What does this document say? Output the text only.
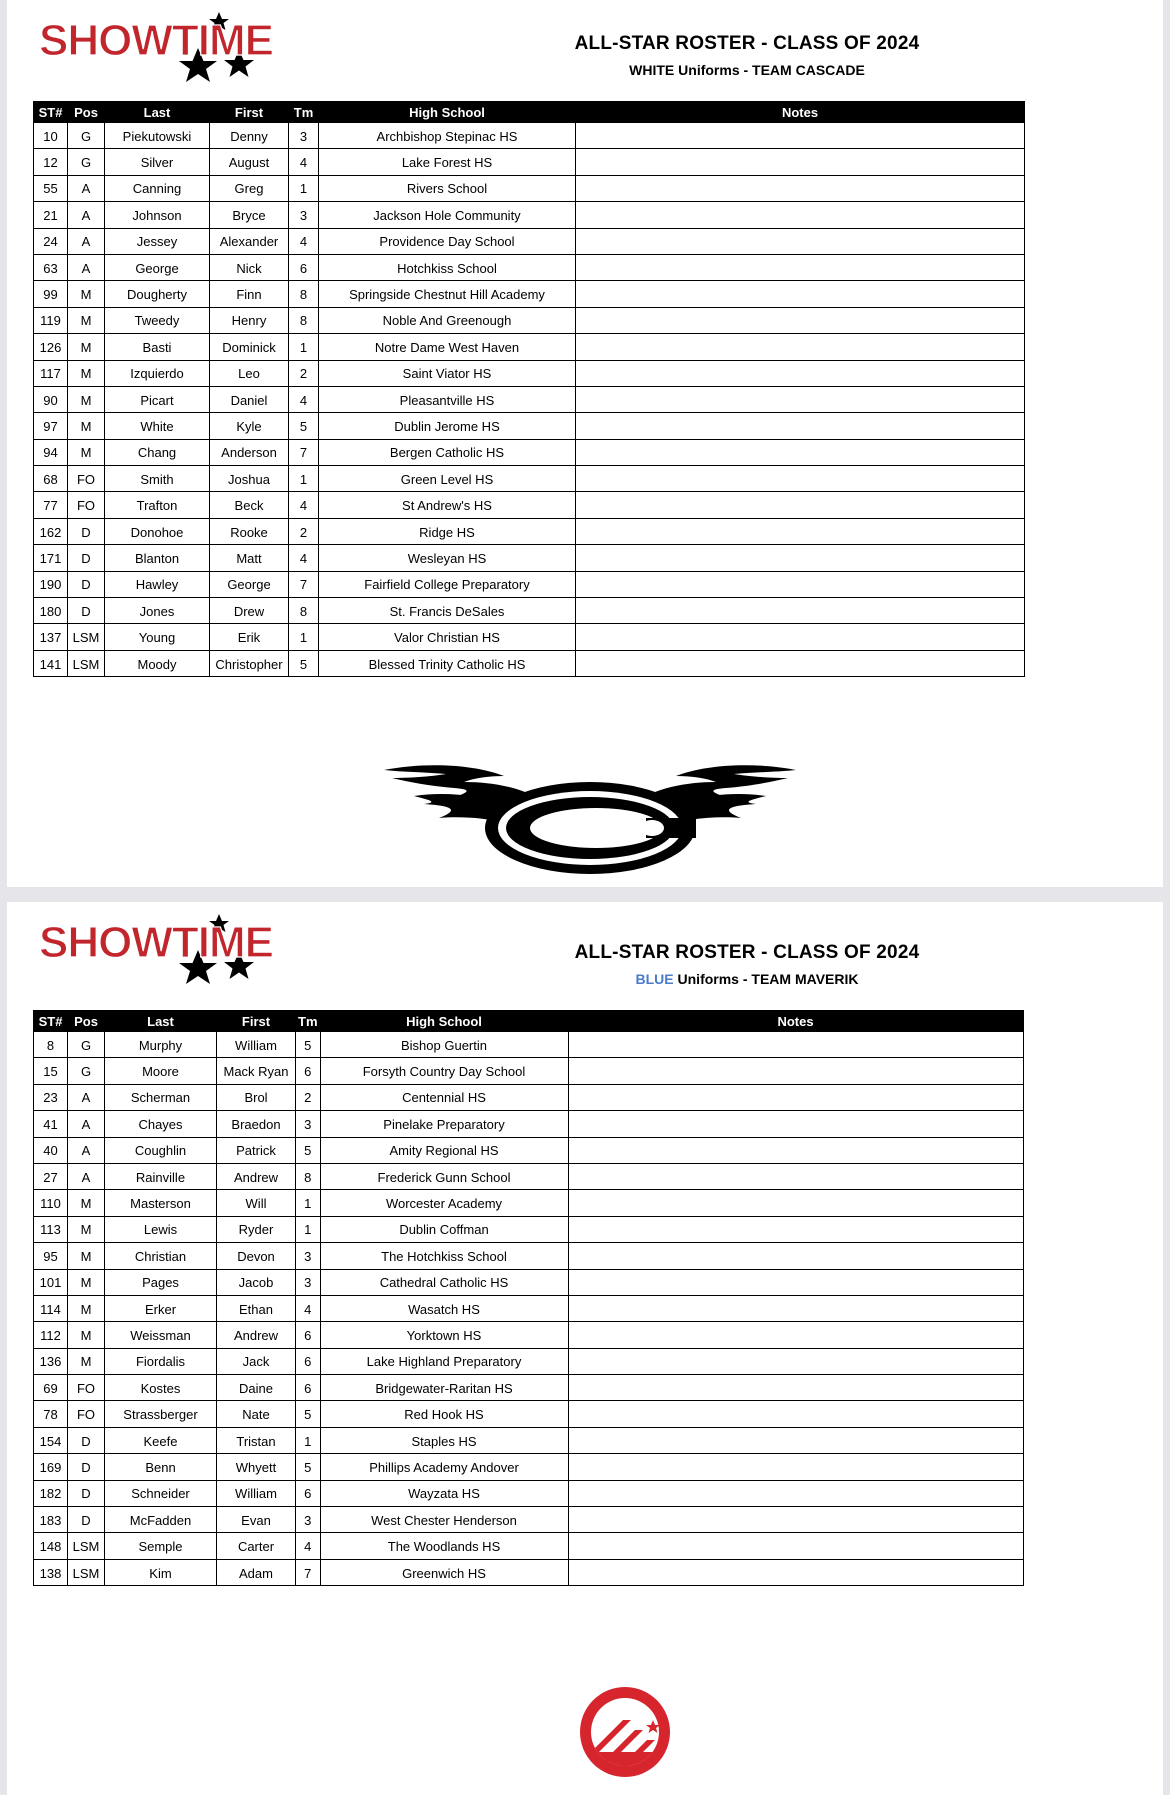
SHOWTIME	ALL-STAR ROSTER - CLASS OF 2024
WHITE Uniforms - TEAM CASCADE
ST#	Pos	Last	First	Tm	High School	Notes
10	G	Piekutowski	Denny	3	Archbishop Stepinac HS	
12	G	Silver	August	4	Lake Forest HS	
55	A	Canning	Greg	1	Rivers School	
21	A	Johnson	Bryce	3	Jackson Hole Community	
24	A	Jessey	Alexander	4	Providence Day School	
63	A	George	Nick	6	Hotchkiss School	
99	M	Dougherty	Finn	8	Springside Chestnut Hill Academy	
119	M	Tweedy	Henry	8	Noble And Greenough	
126	M	Basti	Dominick	1	Notre Dame West Haven	
117	M	Izquierdo	Leo	2	Saint Viator HS	
90	M	Picart	Daniel	4	Pleasantville HS	
97	M	White	Kyle	5	Dublin Jerome HS	
94	M	Chang	Anderson	7	Bergen Catholic HS	
68	FO	Smith	Joshua	1	Green Level HS	
77	FO	Trafton	Beck	4	St Andrew's HS	
162	D	Donohoe	Rooke	2	Ridge HS	
171	D	Blanton	Matt	4	Wesleyan HS	
190	D	Hawley	George	7	Fairfield College Preparatory	
180	D	Jones	Drew	8	St. Francis DeSales	
137	LSM	Young	Erik	1	Valor Christian HS	
141	LSM	Moody	Christopher	5	Blessed Trinity Catholic HS	
SHOWTIME	ALL-STAR ROSTER - CLASS OF 2024
BLUE Uniforms - TEAM MAVERIK
ST#	Pos	Last	First	Tm	High School	Notes
8	G	Murphy	William	5	Bishop Guertin	
15	G	Moore	Mack Ryan	6	Forsyth Country Day School	
23	A	Scherman	Brol	2	Centennial HS	
41	A	Chayes	Braedon	3	Pinelake Preparatory	
40	A	Coughlin	Patrick	5	Amity Regional HS	
27	A	Rainville	Andrew	8	Frederick Gunn School	
110	M	Masterson	Will	1	Worcester Academy	
113	M	Lewis	Ryder	1	Dublin Coffman	
95	M	Christian	Devon	3	The Hotchkiss School	
101	M	Pages	Jacob	3	Cathedral Catholic HS	
114	M	Erker	Ethan	4	Wasatch HS	
112	M	Weissman	Andrew	6	Yorktown HS	
136	M	Fiordalis	Jack	6	Lake Highland Preparatory	
69	FO	Kostes	Daine	6	Bridgewater-Raritan HS	
78	FO	Strassberger	Nate	5	Red Hook HS	
154	D	Keefe	Tristan	1	Staples HS	
169	D	Benn	Whyett	5	Phillips Academy Andover	
182	D	Schneider	William	6	Wayzata HS	
183	D	McFadden	Evan	3	West Chester Henderson	
148	LSM	Semple	Carter	4	The Woodlands HS	
138	LSM	Kim	Adam	7	Greenwich HS	
